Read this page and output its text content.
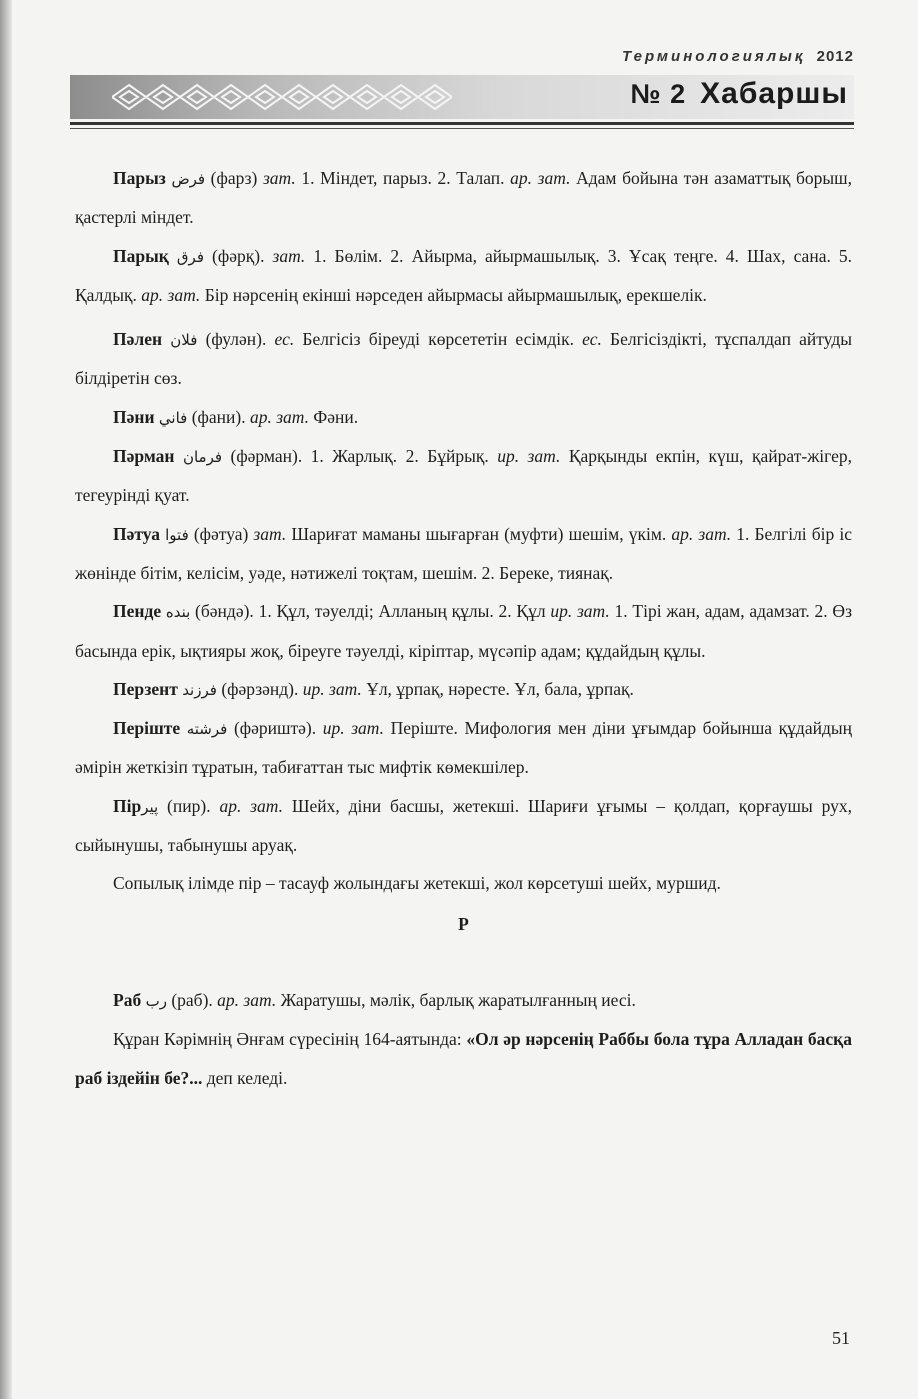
Терминологиялық 2012
№ 2 Хабаршы

Парыз فرض (фарз) зат. 1. Міндет, парыз. 2. Талап. ар. зат. Адам бойына тән азаматтық борыш, қастерлі міндет.

Парық فرق (фәрқ). зат. 1. Бөлім. 2. Айырма, айырмашылық. 3. Ұсақ теңге. 4. Шах, сана. 5. Қалдық. ар. зат. Бір нәрсенің екінші нәрседен айырмасы айырмашылық, ерекшелік.

Пәлен فلان (фулән). ес. Белгісіз біреуді көрсететін есімдік. ес. Белгісіздікті, тұспалдап айтуды білдіретін сөз.

Пәни فاني (фани). ар. зат. Фәни.

Пәрман فرمان (фәрман). 1. Жарлық. 2. Бұйрық. ир. зат. Қарқынды екпін, күш, қайрат-жігер, тегеурінді қуат.

Пәтуа فتوا (фәтуа) зат. Шариғат маманы шығарған (муфти) шешім, үкім. ар. зат. 1. Белгілі бір іс жөнінде бітім, келісім, уәде, нәтижелі тоқтам, шешім. 2. Береке, тиянақ.

Пенде بنده (бәндә). 1. Құл, тәуелді; Алланың құлы. 2. Құл ир. зат. 1. Тірі жан, адам, адамзат. 2. Өз басында ерік, ықтияры жоқ, біреуге тәуелді, кіріптар, мүсәпір адам; құдайдың құлы.

Перзент فرزند (фәрзәнд). ир. зат. Ұл, ұрпақ, нәресте. Ұл, бала, ұрпақ.

Періште فرشته (фәриштә). ир. зат. Періште. Мифология мен діни ұғымдар бойынша құдайдың әмірін жеткізіп тұратын, табиғаттан тыс мифтік көмекшілер.

Пірپير (пир). ар. зат. Шейх, діни басшы, жетекші. Шариғи ұғымы – қолдап, қорғаушы рух, сыйынушы, табынушы аруақ.

Сопылық ілімде пір – тасауф жолындағы жетекші, жол көрсетуші шейх, муршид.

Р

Раб رب (раб). ар. зат. Жаратушы, мәлік, барлық жаратылғанның иесі.

Құран Кәрімнің Әнғам сүресінің 164-аятында: «Ол әр нәрсенің Раббы бола тұра Алладан басқа раб іздейін бе?... деп келеді.

51
